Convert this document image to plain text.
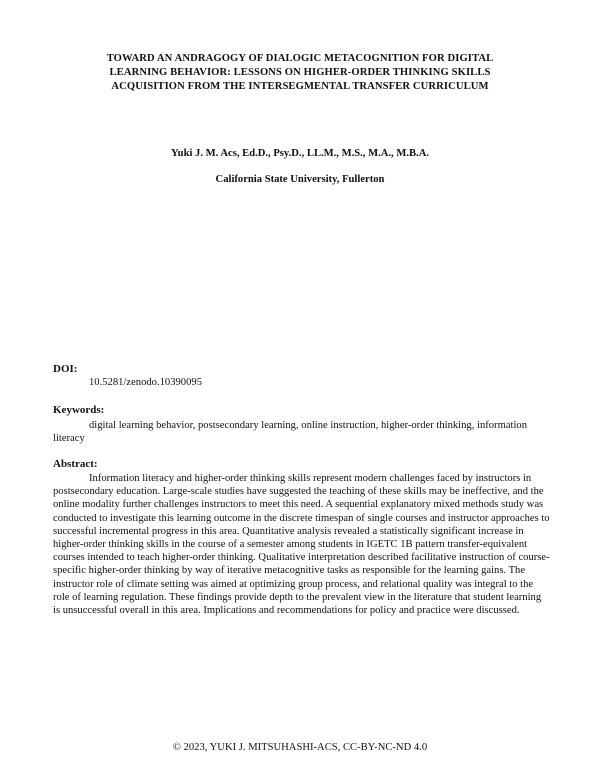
TOWARD AN ANDRAGOGY OF DIALOGIC METACOGNITION FOR DIGITAL
LEARNING BEHAVIOR: LESSONS ON HIGHER-ORDER THINKING SKILLS
ACQUISITION FROM THE INTERSEGMENTAL TRANSFER CURRICULUM
Yuki J. M. Acs, Ed.D., Psy.D., LL.M., M.S., M.A., M.B.A.
California State University, Fullerton
DOI:
10.5281/zenodo.10390095
Keywords:
digital learning behavior, postsecondary learning, online instruction, higher-order thinking, information literacy
Abstract:
Information literacy and higher-order thinking skills represent modern challenges faced by instructors in postsecondary education. Large-scale studies have suggested the teaching of these skills may be ineffective, and the online modality further challenges instructors to meet this need. A sequential explanatory mixed methods study was conducted to investigate this learning outcome in the discrete timespan of single courses and instructor approaches to successful incremental progress in this area. Quantitative analysis revealed a statistically significant increase in higher-order thinking skills in the course of a semester among students in IGETC 1B pattern transfer-equivalent courses intended to teach higher-order thinking. Qualitative interpretation described facilitative instruction of course-specific higher-order thinking by way of iterative metacognitive tasks as responsible for the learning gains. The instructor role of climate setting was aimed at optimizing group process, and relational quality was integral to the role of learning regulation. These findings provide depth to the prevalent view in the literature that student learning is unsuccessful overall in this area. Implications and recommendations for policy and practice were discussed.
© 2023, YUKI J. MITSUHASHI-ACS, CC-BY-NC-ND 4.0
